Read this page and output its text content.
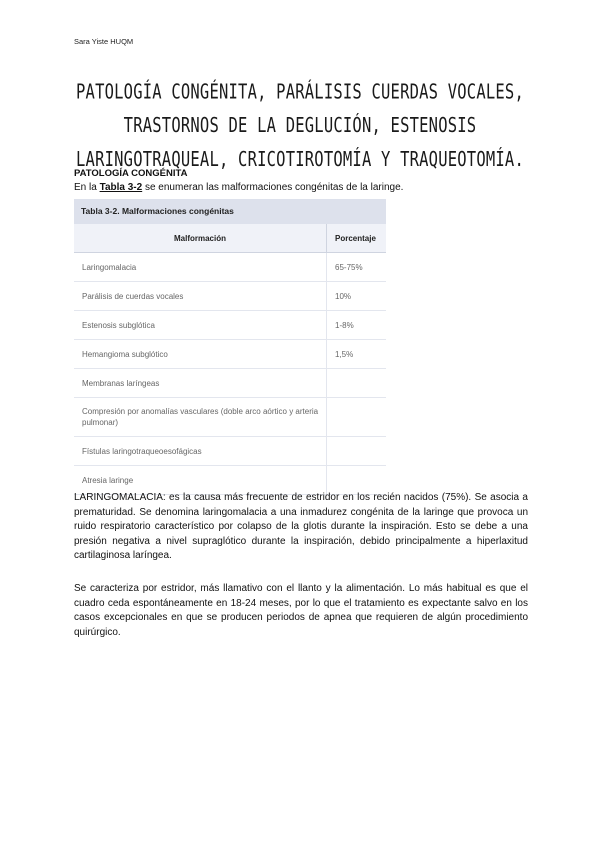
Sara Yiste HUQM
PATOLOGÍA CONGÉNITA, PARÁLISIS CUERDAS VOCALES, TRASTORNOS DE LA DEGLUCIÓN, ESTENOSIS LARINGOTRAQUEAL, CRICOTIROTOMÍA Y TRAQUEOTOMÍA.
PATOLOGÍA CONGÉNITA

En la Tabla 3-2 se enumeran las malformaciones congénitas de la laringe.

Tabla 3-2. Malformaciones congénitas
Malformación	Porcentaje
Laringomalacia	65-75%
Parálisis de cuerdas vocales	10%
Estenosis subglótica	1-8%
Hemangioma subglótico	1,5%
Membranas laríngeas	
Compresión por anomalías vasculares (doble arco aórtico y arteria pulmonar)	
Fístulas laringotraqueoesofágicas	
Atresia laringe	

LARINGOMALACIA: es la causa más frecuente de estridor en los recién nacidos (75%). Se asocia a prematuridad. Se denomina laringomalacia a una inmadurez congénita de la laringe que provoca un ruido respiratorio característico por colapso de la glotis durante la inspiración. Esto se debe a una presión negativa a nivel supraglótico durante la inspiración, debido principalmente a hiperlaxitud cartilaginosa laríngea.

Se caracteriza por estridor, más llamativo con el llanto y la alimentación. Lo más habitual es que el cuadro ceda espontáneamente en 18-24 meses, por lo que el tratamiento es expectante salvo en los casos excepcionales en que se producen periodos de apnea que requieren de algún procedimiento quirúrgico.
